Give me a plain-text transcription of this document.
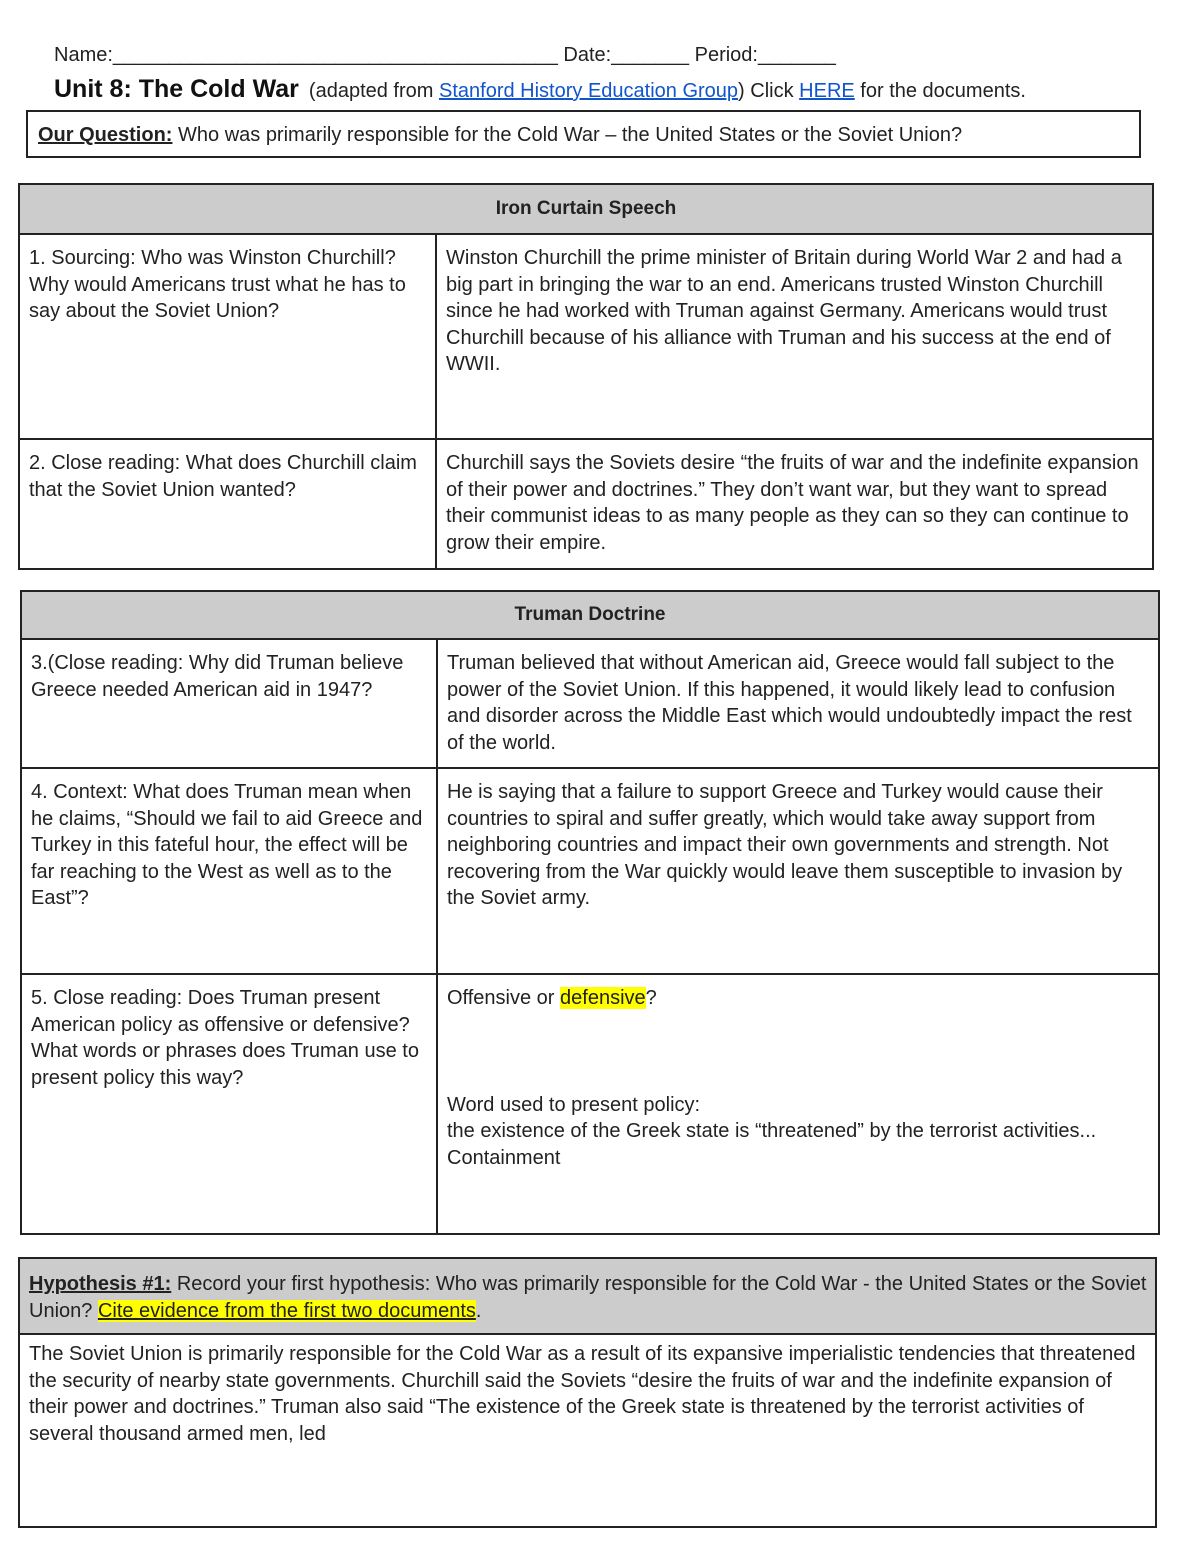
Name:________________________________________ Date:_______ Period:_______
Unit 8: The Cold War (adapted from Stanford History Education Group) Click HERE for the documents.
Our Question: Who was primarily responsible for the Cold War – the United States or the Soviet Union?
Iron Curtain Speech	
1. Sourcing: Who was Winston Churchill? Why would Americans trust what he has to say about the Soviet Union?	Winston Churchill the prime minister of Britain during World War 2 and had a big part in bringing the war to an end. Americans trusted Winston Churchill since he had worked with Truman against Germany. Americans would trust Churchill because of his alliance with Truman and his success at the end of WWII.
2. Close reading: What does Churchill claim that the Soviet Union wanted?	Churchill says the Soviets desire “the fruits of war and the indefinite expansion of their power and doctrines.” They don’t want war, but they want to spread their communist ideas to as many people as they can so they can continue to grow their empire.
Truman Doctrine	
3.(Close reading: Why did Truman believe Greece needed American aid in 1947?	Truman believed that without American aid, Greece would fall subject to the power of the Soviet Union. If this happened, it would likely lead to confusion and disorder across the Middle East which would undoubtedly impact the rest of the world.
4. Context: What does Truman mean when he claims, “Should we fail to aid Greece and Turkey in this fateful hour, the effect will be far reaching to the West as well as to the East”?	He is saying that a failure to support Greece and Turkey would cause their countries to spiral and suffer greatly, which would take away support from neighboring countries and impact their own governments and strength. Not recovering from the War quickly would leave them susceptible to invasion by the Soviet army.
5. Close reading: Does Truman present American policy as offensive or defensive? What words or phrases does Truman use to present policy this way?	Offensive or defensive?
Word used to present policy:
the existence of the Greek state is “threatened” by the terrorist activities...
Containment
Hypothesis #1: Record your first hypothesis: Who was primarily responsible for the Cold War - the United States or the Soviet Union? Cite evidence from the first two documents.
The Soviet Union is primarily responsible for the Cold War as a result of its expansive imperialistic tendencies that threatened the security of nearby state governments. Churchill said the Soviets “desire the fruits of war and the indefinite expansion of their power and doctrines.” Truman also said “The existence of the Greek state is threatened by the terrorist activities of several thousand armed men, led
